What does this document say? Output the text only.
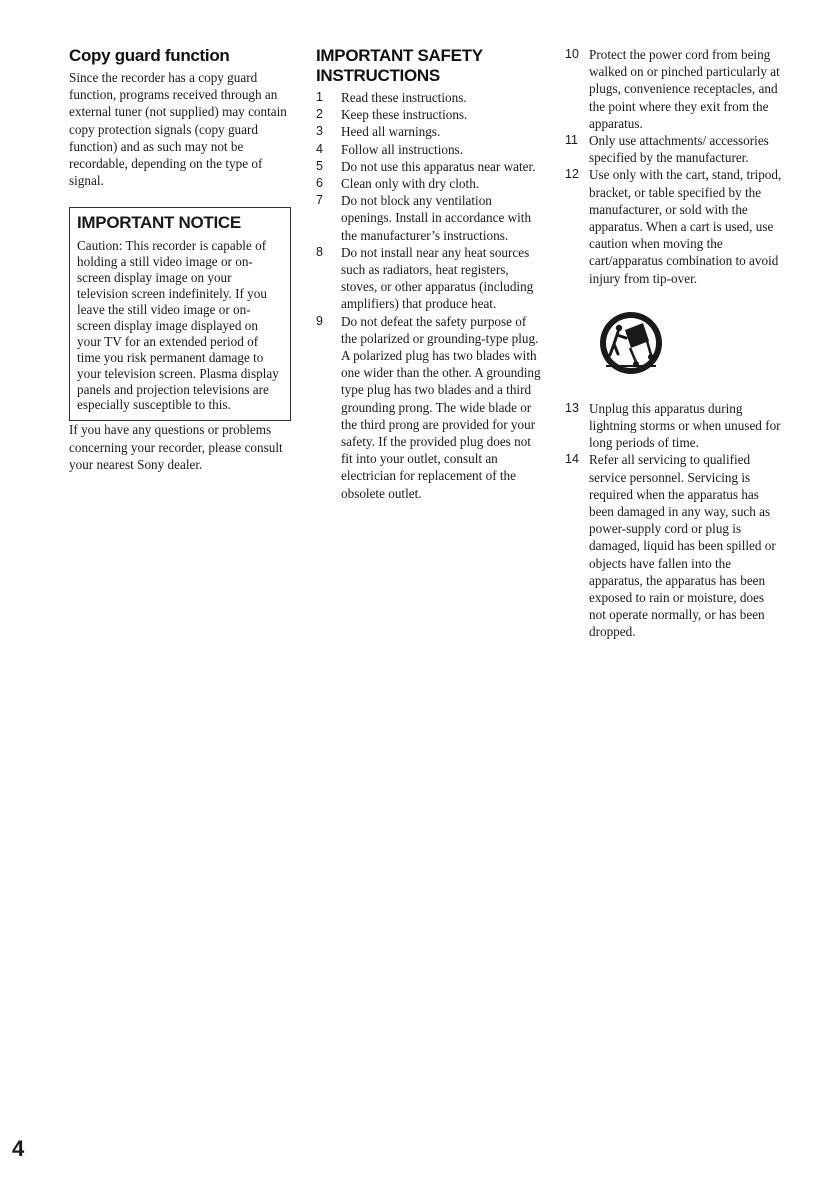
Copy guard function

Since the recorder has a copy guard function, programs received through an external tuner (not supplied) may contain copy protection signals (copy guard function) and as such may not be recordable, depending on the type of signal.

IMPORTANT NOTICE

Caution: This recorder is capable of holding a still video image or on-screen display image on your television screen indefinitely. If you leave the still video image or on-screen display image displayed on your TV for an extended period of time you risk permanent damage to your television screen. Plasma display panels and projection televisions are especially susceptible to this.

If you have any questions or problems concerning your recorder, please consult your nearest Sony dealer.

IMPORTANT SAFETY
INSTRUCTIONS
1 Read these instructions.
2 Keep these instructions.
3 Heed all warnings.
4 Follow all instructions.
5 Do not use this apparatus near water.
6 Clean only with dry cloth.
7 Do not block any ventilation openings. Install in accordance with the manufacturer’s instructions.
8 Do not install near any heat sources such as radiators, heat registers, stoves, or other apparatus (including amplifiers) that produce heat.
9 Do not defeat the safety purpose of the polarized or grounding-type plug. A polarized plug has two blades with one wider than the other. A grounding type plug has two blades and a third grounding prong. The wide blade or the third prong are provided for your safety. If the provided plug does not fit into your outlet, consult an electrician for replacement of the obsolete outlet.
10 Protect the power cord from being walked on or pinched particularly at plugs, convenience receptacles, and the point where they exit from the apparatus.
11 Only use attachments/ accessories specified by the manufacturer.
12 Use only with the cart, stand, tripod, bracket, or table specified by the manufacturer, or sold with the apparatus. When a cart is used, use caution when moving the cart/apparatus combination to avoid injury from tip-over.
13 Unplug this apparatus during lightning storms or when unused for long periods of time.
14 Refer all servicing to qualified service personnel. Servicing is required when the apparatus has been damaged in any way, such as power-supply cord or plug is damaged, liquid has been spilled or objects have fallen into the apparatus, the apparatus has been exposed to rain or moisture, does not operate normally, or has been dropped.
4
